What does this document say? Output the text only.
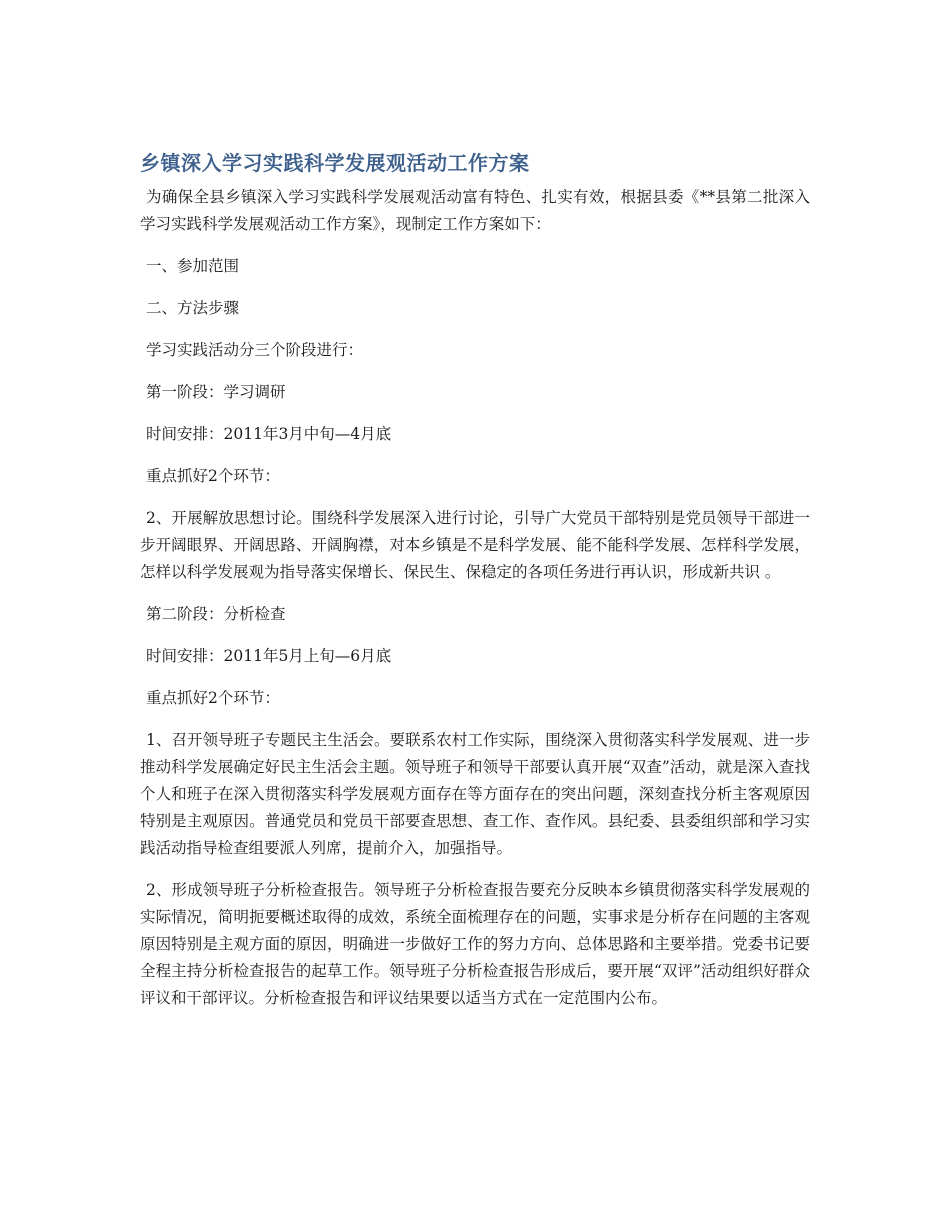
乡镇深入学习实践科学发展观活动工作方案

为确保全县乡镇深入学习实践科学发展观活动富有特色、扎实有效，根据县委《**县第二批深入学习实践科学发展观活动工作方案》，现制定工作方案如下：

一、参加范围

二、方法步骤

学习实践活动分三个阶段进行：

第一阶段：学习调研

时间安排：2011年3月中旬—4月底

重点抓好2个环节：

2、开展解放思想讨论。围绕科学发展深入进行讨论，引导广大党员干部特别是党员领导干部进一步开阔眼界、开阔思路、开阔胸襟，对本乡镇是不是科学发展、能不能科学发展、怎样科学发展，怎样以科学发展观为指导落实保增长、保民生、保稳定的各项任务进行再认识，形成新共识 。

第二阶段：分析检查

时间安排：2011年5月上旬—6月底

重点抓好2个环节：

1、召开领导班子专题民主生活会。要联系农村工作实际，围绕深入贯彻落实科学发展观、进一步推动科学发展确定好民主生活会主题。领导班子和领导干部要认真开展“双查”活动，就是深入查找个人和班子在深入贯彻落实科学发展观方面存在等方面存在的突出问题，深刻查找分析主客观原因特别是主观原因。普通党员和党员干部要查思想、查工作、查作风。县纪委、县委组织部和学习实践活动指导检查组要派人列席，提前介入，加强指导。

2、形成领导班子分析检查报告。领导班子分析检查报告要充分反映本乡镇贯彻落实科学发展观的实际情况，简明扼要概述取得的成效，系统全面梳理存在的问题，实事求是分析存在问题的主客观原因特别是主观方面的原因，明确进一步做好工作的努力方向、总体思路和主要举措。党委书记要全程主持分析检查报告的起草工作。领导班子分析检查报告形成后，要开展“双评”活动组织好群众评议和干部评议。分析检查报告和评议结果要以适当方式在一定范围内公布。
